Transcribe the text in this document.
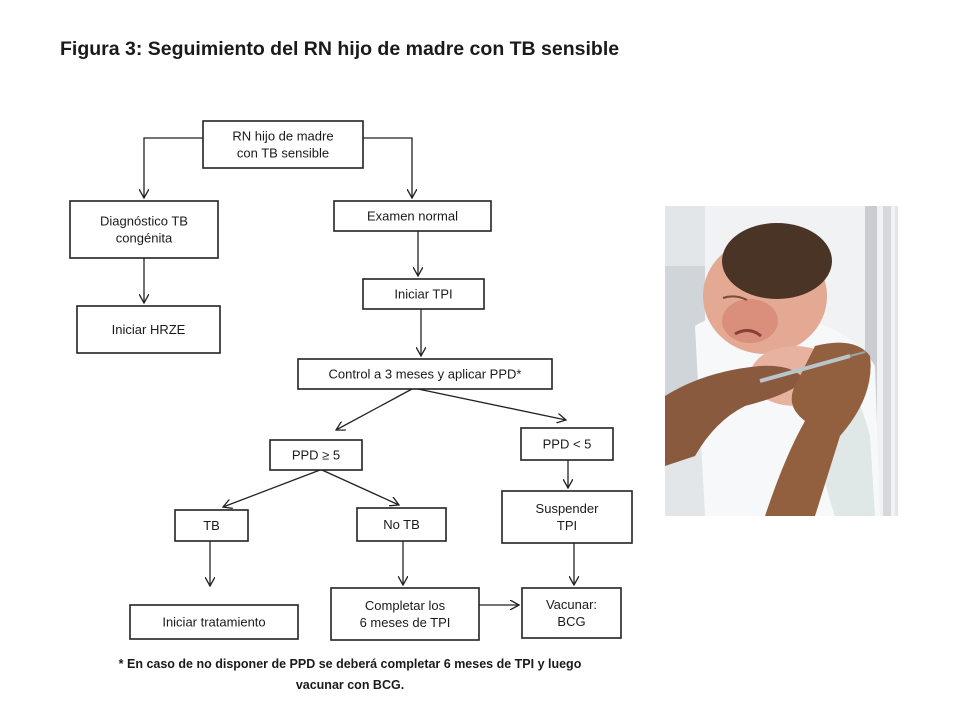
Figura 3: Seguimiento del RN hijo de madre con TB sensible
RN hijo de madre
con TB sensible
Diagnóstico TB
congénita
Examen normal
Iniciar HRZE
Iniciar TPI
Control a 3 meses y aplicar PPD*
PPD ≥ 5
PPD < 5
TB	No TB
Suspender
TPI
Iniciar tratamiento
Completar los
6 meses de TPI
Vacunar:
BCG
* En caso de no disponer de PPD se deberá completar 6 meses de TPI y luego
vacunar con BCG.
